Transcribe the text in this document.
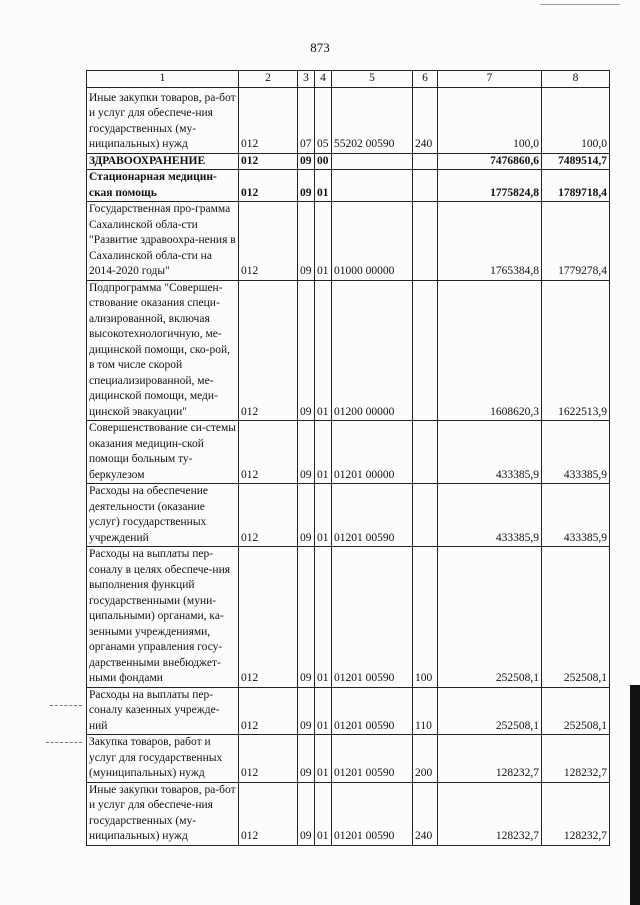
873
1	2	3	4	5	6	7	8
Иные закупки товаров, ра-бот и услуг для обеспече-ния государственных (му-ниципальных) нужд	012	07	05	55202 00590	240	100,0	100,0
ЗДРАВООХРАНЕНИЕ	012	09	00			7476860,6	7489514,7
Стационарная медицин-ская помощь	012	09	01			1775824,8	1789718,4
Государственная про-грамма Сахалинской обла-сти "Развитие здравоохра-нения в Сахалинской обла-сти на 2014-2020 годы"	012	09	01	01000 00000		1765384,8	1779278,4
Подпрограмма "Совершен-ствование оказания специ-ализированной, включая высокотехнологичную, ме-дицинской помощи, ско-рой, в том числе скорой специализированной, ме-дицинской помощи, меди-цинской эвакуации"	012	09	01	01200 00000		1608620,3	1622513,9
Совершенствование си-стемы оказания медицин-ской помощи больным ту-беркулезом	012	09	01	01201 00000		433385,9	433385,9
Расходы на обеспечение деятельности (оказание услуг) государственных учреждений	012	09	01	01201 00590		433385,9	433385,9
Расходы на выплаты пер-соналу в целях обеспече-ния выполнения функций государственными (муни-ципальными) органами, ка-зенными учреждениями, органами управления госу-дарственными внебюджет-ными фондами	012	09	01	01201 00590	100	252508,1	252508,1
Расходы на выплаты пер-соналу казенных учрежде-ний	012	09	01	01201 00590	110	252508,1	252508,1
Закупка товаров, работ и услуг для государственных (муниципальных) нужд	012	09	01	01201 00590	200	128232,7	128232,7
Иные закупки товаров, ра-бот и услуг для обеспече-ния государственных (му-ниципальных) нужд	012	09	01	01201 00590	240	128232,7	128232,7
